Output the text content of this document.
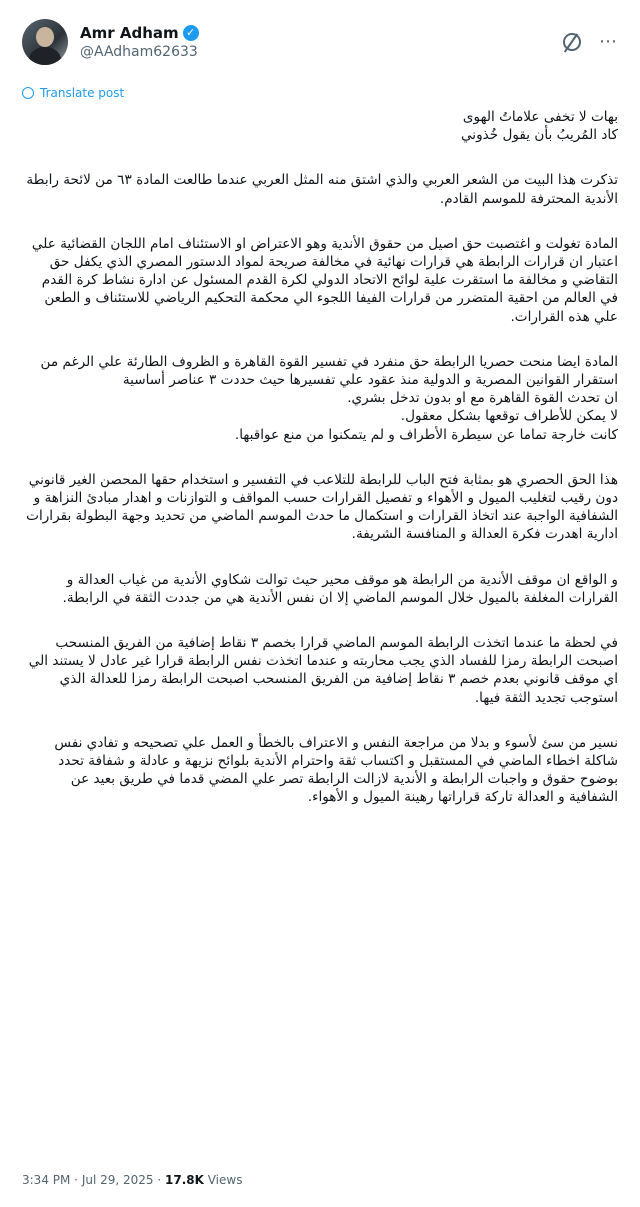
Amr Adham ✓
@AAdham62633	⋯
Translate post

بهات لا تخفى علاماتُ الهوى

كاد المُريبُ بأن يقول خُذوني

تذكرت هذا البيت من الشعر العربي والذي اشتق منه المثل العربي عندما طالعت المادة ٦٣ من لائحة رابطة الأندية المحترفة للموسم القادم.

المادة تغولت و اغتصبت حق اصيل من حقوق الأندية وهو الاعتراض او الاستئناف امام اللجان القضائية علي اعتبار ان قرارات الرابطة هي قرارات نهائية في مخالفة صريحة لمواد الدستور المصري الذي يكفل حق التقاضي و مخالفة ما استقرت علية لوائح الاتحاد الدولي لكرة القدم المسئول عن ادارة نشاط كرة القدم في العالم من احقية المتضرر من قرارات الفيفا اللجوء الي محكمة التحكيم الرياضي للاستئناف و الطعن علي هذه القرارات.

المادة ايضا منحت حصريا الرابطة حق منفرد في تفسير القوة القاهرة و الظروف الطارئة علي الرغم من استقرار القوانين المصرية و الدولية منذ عقود علي تفسيرها حيث حددت ٣ عناصر أساسية

ان تحدث القوة القاهرة مع او بدون تدخل بشري.

لا يمكن للأطراف توقعها بشكل معقول.

كانت خارجة تماما عن سيطرة الأطراف و لم يتمكنوا من منع عواقبها.

هذا الحق الحصري هو بمثابة فتح الباب للرابطة للتلاعب في التفسير و استخدام حقها المحصن الغير قانوني دون رقيب لتغليب الميول و الأهواء و تفصيل القرارات حسب المواقف و التوازنات و اهدار مبادئ النزاهة و الشفافية الواجبة عند اتخاذ القرارات و استكمال ما حدث الموسم الماضي من تحديد وجهة البطولة بقرارات ادارية اهدرت فكرة العدالة و المنافسة الشريفة.

و الواقع ان موقف الأندية من الرابطة هو موقف محير حيث توالت شكاوي الأندية من غياب العدالة و القرارات المغلفة بالميول خلال الموسم الماضي إلا ان نفس الأندية هي من جددت الثقة في الرابطة.

في لحظة ما عندما اتخذت الرابطة الموسم الماضي قرارا بخصم ٣ نقاط إضافية من الفريق المنسحب اصبحت الرابطة رمزا للفساد الذي يجب محاربته و عندما اتخذت نفس الرابطة قرارا غير عادل لا يستند الي اي موقف قانوني بعدم خصم ٣ نقاط إضافية من الفريق المنسحب اصبحت الرابطة رمزا للعدالة الذي استوجب تجديد الثقة فيها.

نسير من سئ لأسوء و بدلا من مراجعة النفس و الاعتراف بالخطأ و العمل علي تصحيحه و تفادي نفس شاكلة اخطاء الماضي في المستقبل و اكتساب ثقة واحترام الأندية بلوائح نزيهة و عادلة و شفافة تحدد بوضوح حقوق و واجبات الرابطة و الأندية لازالت الرابطة تصر علي المضي قدما في طريق بعيد عن الشفافية و العدالة تاركة قراراتها رهينة الميول و الأهواء.

3:34 PM · Jul 29, 2025 · 17.8K Views
